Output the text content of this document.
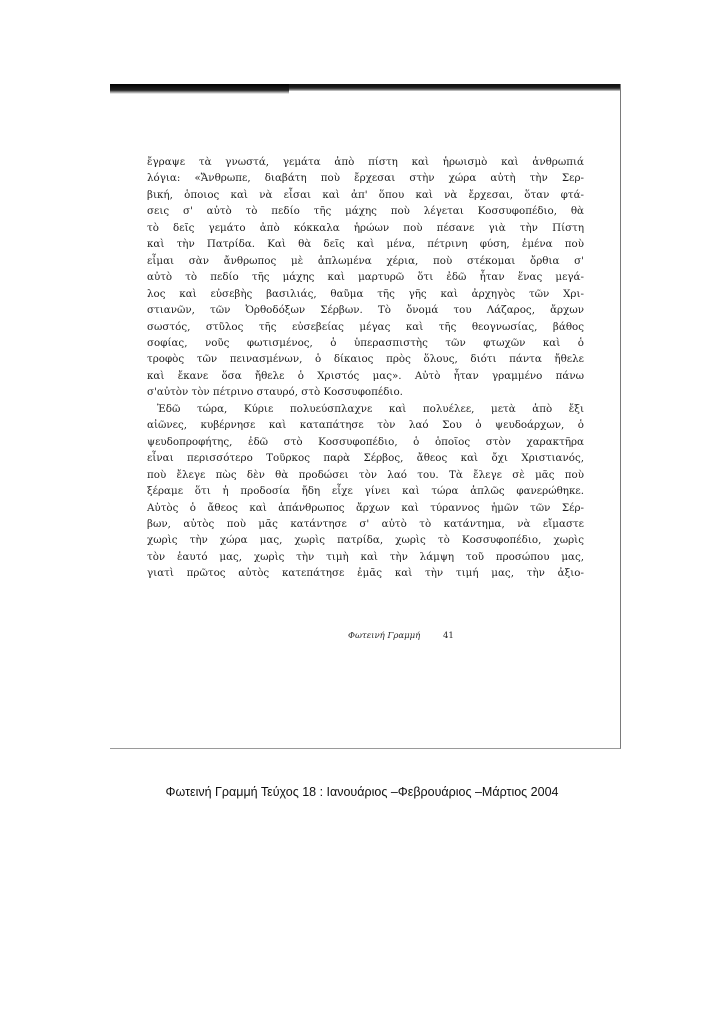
ἔγραψε τὰ γνωστά, γεμάτα ἀπὸ πίστη καὶ ἡρωισμὸ καὶ ἀνθρωπιά
λόγια: «Ἄνθρωπε, διαβάτη ποὺ ἔρχεσαι στὴν χώρα αὐτὴ τὴν Σερ-
βική, ὁποιος καὶ νὰ εἶσαι καὶ ἀπ' ὅπου καὶ νὰ ἔρχεσαι, ὅταν φτά-
σεις σ' αὐτὸ τὸ πεδίο τῆς μάχης ποὺ λέγεται Κοσσυφοπέδιο, θὰ
τὸ δεῖς γεμάτο ἀπὸ κόκκαλα ἡρώων ποὺ πέσανε γιὰ τὴν Πίστη
καὶ τὴν Πατρίδα. Καὶ θὰ δεῖς καὶ μένα, πέτρινη φύση, ἐμένα ποὺ
εἶμαι σὰν ἄνθρωπος μὲ ἁπλωμένα χέρια, ποὺ στέκομαι ὄρθια σ'
αὐτὸ τὸ πεδίο τῆς μάχης καὶ μαρτυρῶ ὅτι ἐδῶ ἦταν ἕνας μεγά-
λος καὶ εὐσεβὴς βασιλιάς, θαῦμα τῆς γῆς καὶ ἀρχηγὸς τῶν Χρι-
στιανῶν, τῶν Ὀρθοδόξων Σέρβων. Τὸ ὄνομά του Λάζαρος, ἄρχων
σωστός, στῦλος τῆς εὐσεβείας μέγας καὶ τῆς θεογνωσίας, βάθος
σοφίας, νοῦς φωτισμένος, ὁ ὑπερασπιστὴς τῶν φτωχῶν καὶ ὁ
τροφὸς τῶν πεινασμένων, ὁ δίκαιος πρὸς ὅλους, διότι πάντα ἤθελε
καὶ ἔκανε ὅσα ἤθελε ὁ Χριστός μας». Αὐτὸ ἦταν γραμμένο πάνω
σ'αὐτὸν τὸν πέτρινο σταυρό, στὸ Κοσσυφοπέδιο.
Ἐδῶ τώρα, Κύριε πολυεύσπλαχνε καὶ πολυέλεε, μετὰ ἀπὸ ἔξι
αἰῶνες, κυβέρνησε καὶ καταπάτησε τὸν λαό Σου ὁ ψευδοάρχων, ὁ
ψευδοπροφήτης, ἐδῶ στὸ Κοσσυφοπέδιο, ὁ ὁποῖος στὸν χαρακτῆρα
εἶναι περισσότερο Τοῦρκος παρὰ Σέρβος, ἄθεος καὶ ὄχι Χριστιανός,
ποὺ ἔλεγε πὼς δὲν θὰ προδώσει τὸν λαό του. Τὰ ἔλεγε σὲ μᾶς ποὺ
ξέραμε ὅτι ἡ προδοσία ἤδη εἶχε γίνει καὶ τώρα ἁπλῶς φανερώθηκε.
Αὐτὸς ὁ ἄθεος καὶ ἀπάνθρωπος ἄρχων καὶ τύραννος ἡμῶν τῶν Σέρ-
βων, αὐτὸς ποὺ μᾶς κατάντησε σ' αὐτὸ τὸ κατάντημα, νὰ εἴμαστε
χωρὶς τὴν χώρα μας, χωρὶς πατρίδα, χωρὶς τὸ Κοσσυφοπέδιο, χωρὶς
τὸν ἑαυτό μας, χωρὶς τὴν τιμὴ καὶ τὴν λάμψη τοῦ προσώπου μας,
γιατὶ πρῶτος αὐτὸς κατεπάτησε ἐμᾶς καὶ τὴν τιμή μας, τὴν ἀξιο-
Φωτεινή Γραμμή	41
Φωτεινή Γραμμή Τεύχος 18 : Ιανουάριος –Φεβρουάριος –Μάρτιος 2004
